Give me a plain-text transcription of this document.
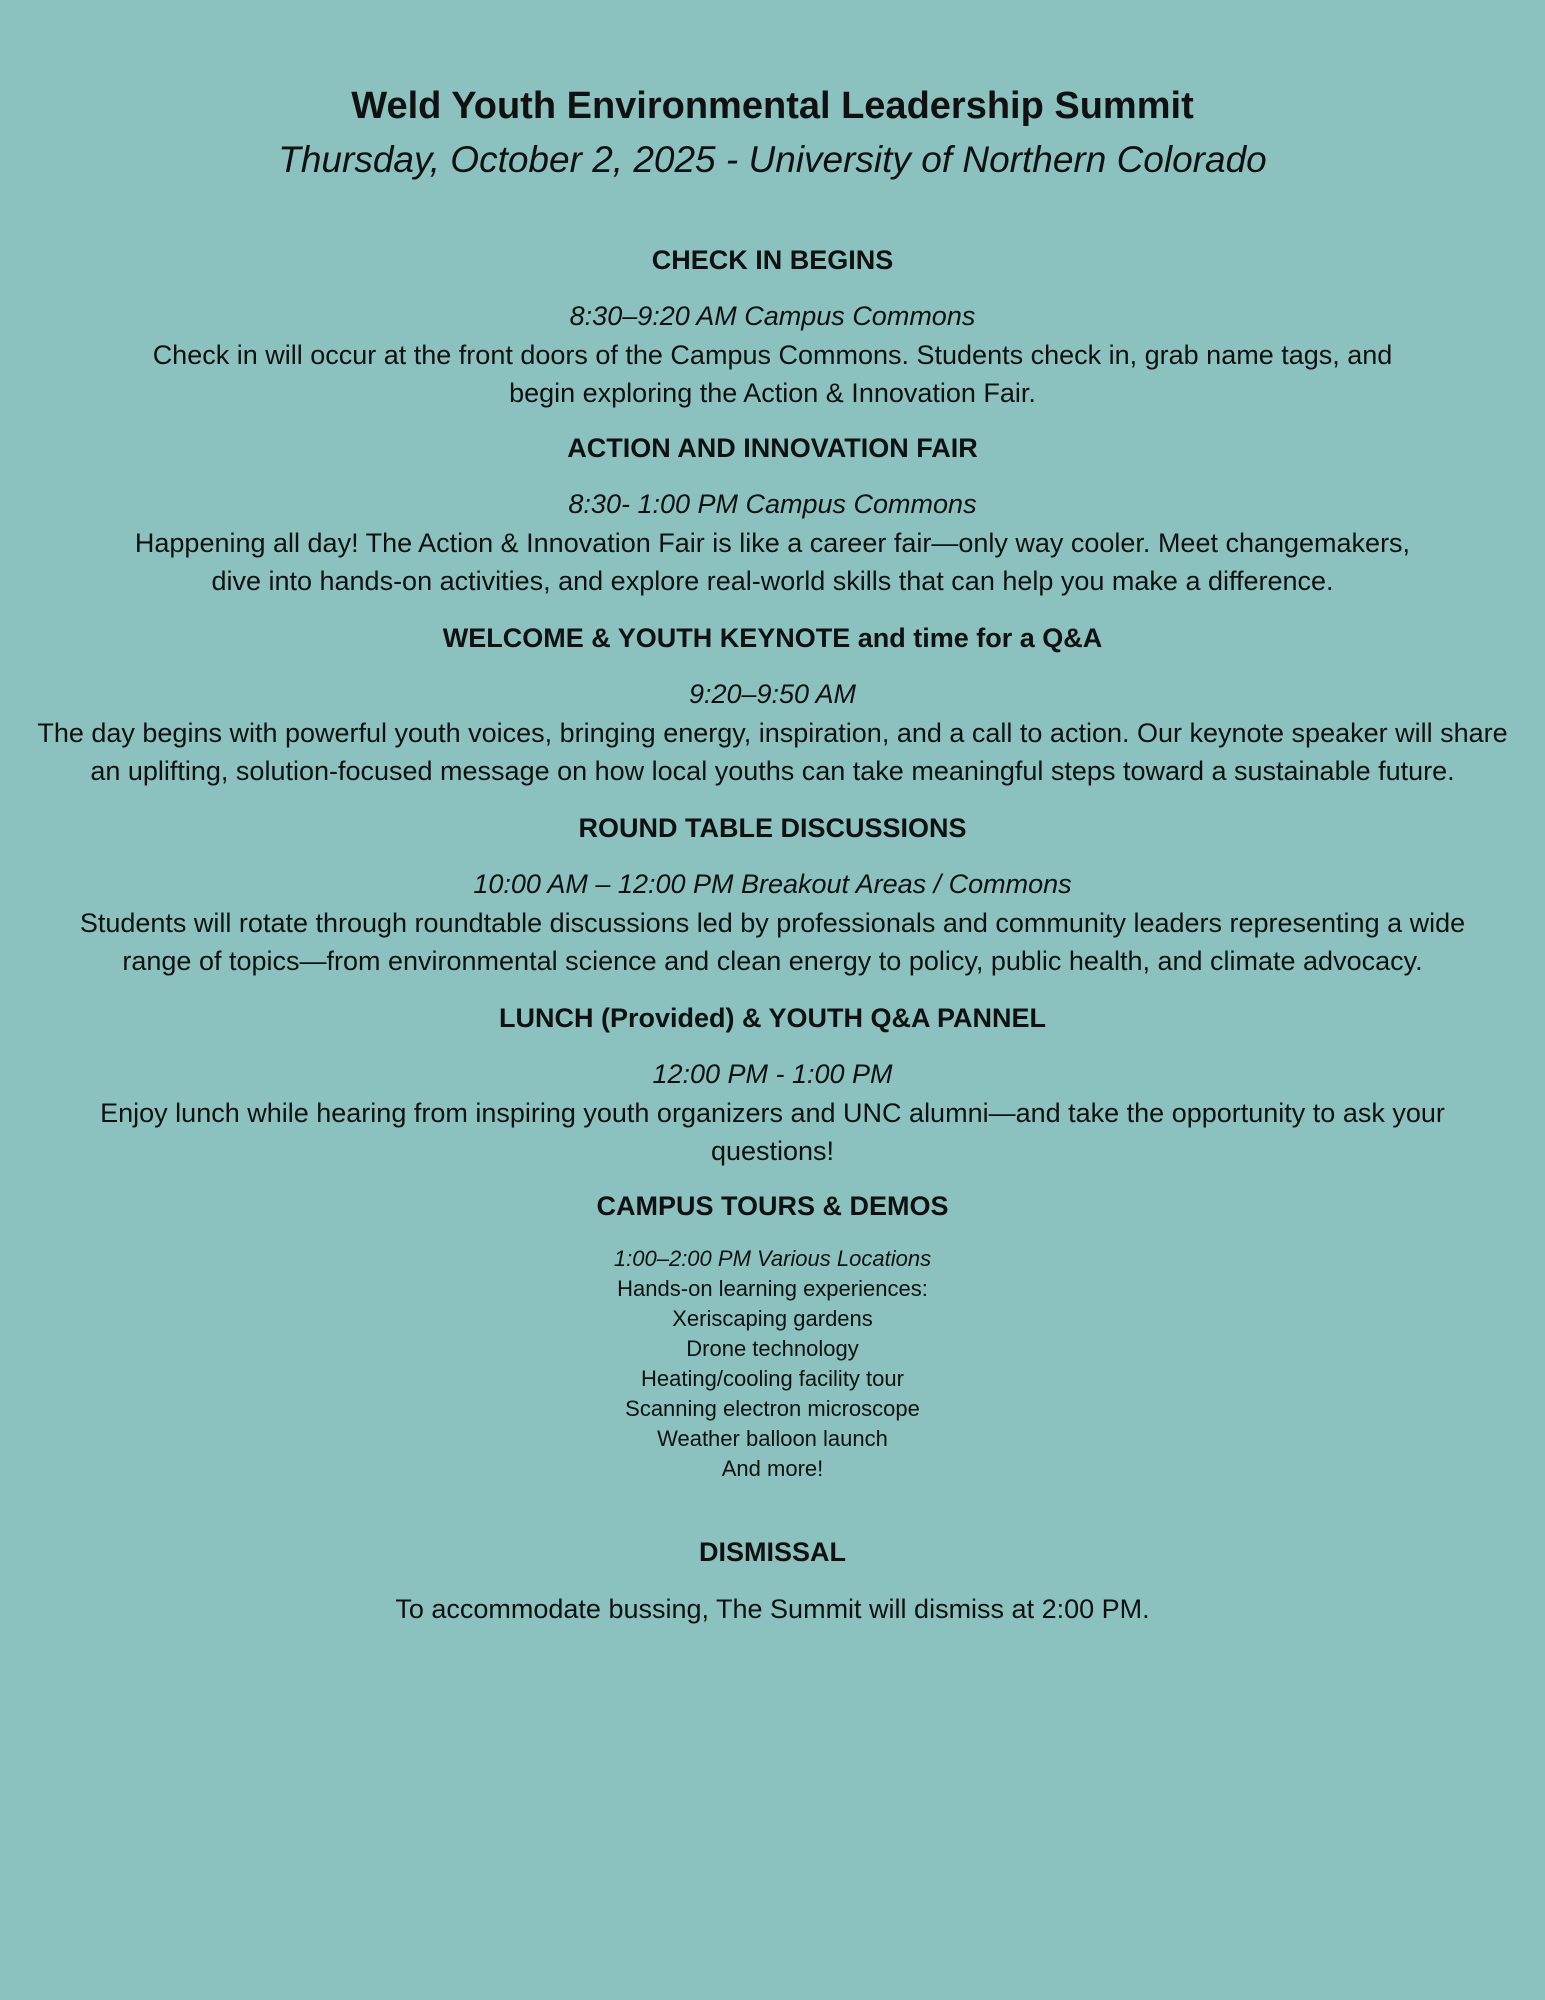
Weld Youth Environmental Leadership Summit
Thursday, October 2, 2025 - University of Northern Colorado
CHECK IN BEGINS
8:30–9:20 AM Campus Commons
Check in will occur at the front doors of the Campus Commons. Students check in, grab name tags, and begin exploring the Action & Innovation Fair.
ACTION AND INNOVATION FAIR
8:30- 1:00 PM Campus Commons
Happening all day! The Action & Innovation Fair is like a career fair—only way cooler. Meet changemakers, dive into hands-on activities, and explore real-world skills that can help you make a difference.
WELCOME & YOUTH KEYNOTE and time for a Q&A
9:20–9:50 AM
The day begins with powerful youth voices, bringing energy, inspiration, and a call to action. Our keynote speaker will share an uplifting, solution-focused message on how local youths can take meaningful steps toward a sustainable future.
ROUND TABLE DISCUSSIONS
10:00 AM – 12:00 PM Breakout Areas / Commons
Students will rotate through roundtable discussions led by professionals and community leaders representing a wide range of topics—from environmental science and clean energy to policy, public health, and climate advocacy.
LUNCH (Provided) & YOUTH Q&A PANNEL
12:00 PM - 1:00 PM
Enjoy lunch while hearing from inspiring youth organizers and UNC alumni—and take the opportunity to ask your questions!
CAMPUS TOURS & DEMOS
1:00–2:00 PM Various Locations
Hands-on learning experiences:
Xeriscaping gardens
Drone technology
Heating/cooling facility tour
Scanning electron microscope
Weather balloon launch
And more!
DISMISSAL
To accommodate bussing, The Summit will dismiss at 2:00 PM.
